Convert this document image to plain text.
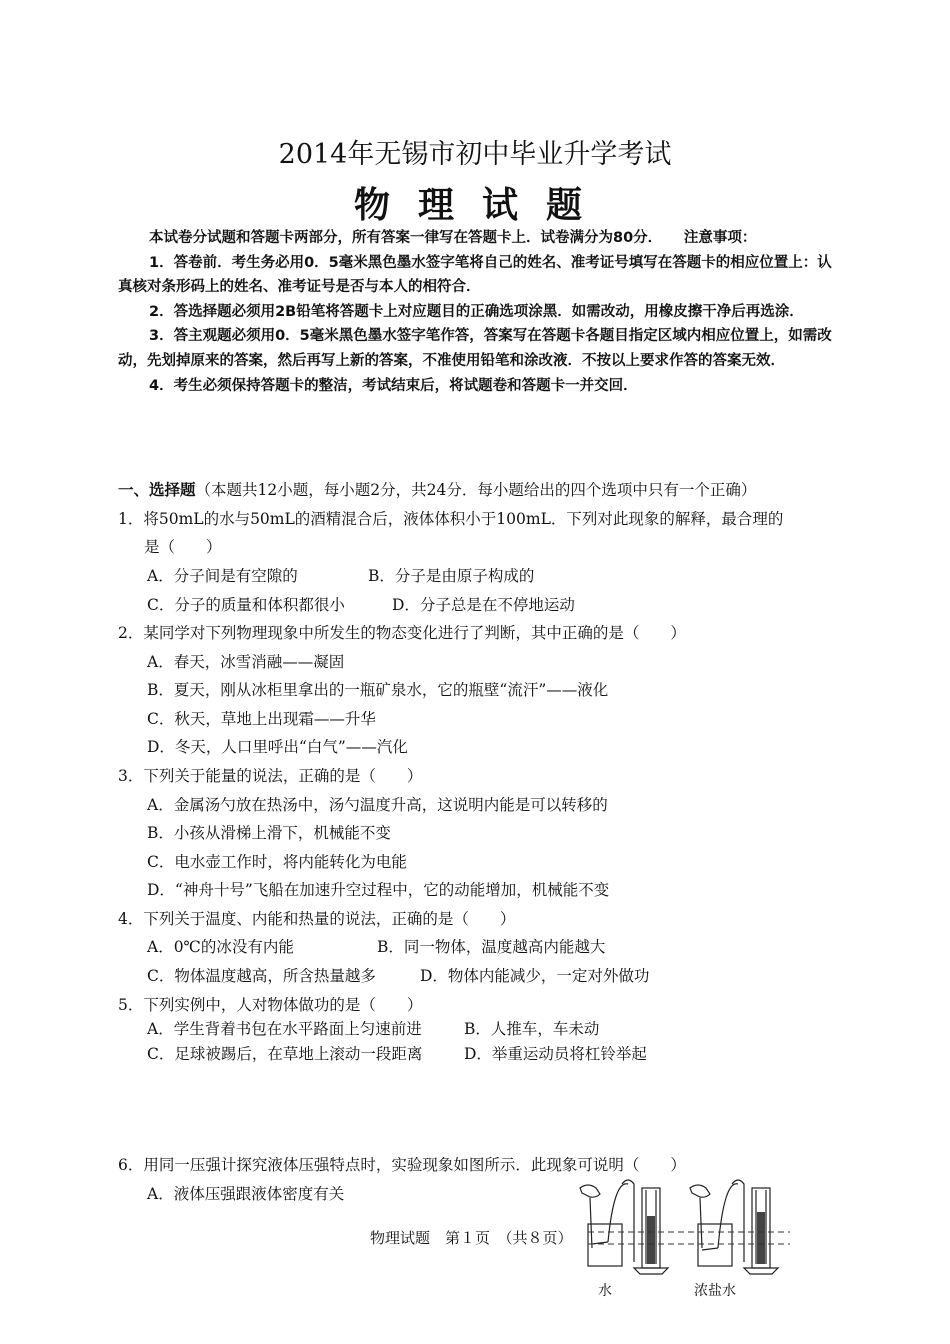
2014年无锡市初中毕业升学考试
物理试题

本试卷分试题和答题卡两部分，所有答案一律写在答题卡上．试卷满分为80分．　　注意事项：

1．答卷前．考生务必用0．5毫米黑色墨水签字笔将自己的姓名、准考证号填写在答题卡的相应位置上：认真核对条形码上的姓名、准考证号是否与本人的相符合．

2．答选择题必须用2B铅笔将答题卡上对应题目的正确选项涂黑．如需改动，用橡皮擦干净后再选涂．

3．答主观题必须用0．5毫米黑色墨水签字笔作答，答案写在答题卡各题目指定区域内相应位置上，如需改动，先划掉原来的答案，然后再写上新的答案，不准使用铅笔和涂改液．不按以上要求作答的答案无效．

4．考生必须保持答题卡的整洁，考试结束后，将试题卷和答题卡一并交回．

一、选择题（本题共12小题，每小题2分，共24分．每小题给出的四个选项中只有一个正确）
1．将50mL的水与50mL的酒精混合后，液体体积小于100mL．下列对此现象的解释，最合理的
是（　　）
A．分子间是有空隙的	B．分子是由原子构成的
C．分子的质量和体积都很小	D．分子总是在不停地运动
2．某同学对下列物理现象中所发生的物态变化进行了判断，其中正确的是（　　）
A．春天，冰雪消融——凝固
B．夏天，刚从冰柜里拿出的一瓶矿泉水，它的瓶壁“流汗”——液化
C．秋天，草地上出现霜——升华
D．冬天，人口里呼出“白气”——汽化
3．下列关于能量的说法，正确的是（　　）
A．金属汤勺放在热汤中，汤勺温度升高，这说明内能是可以转移的
B．小孩从滑梯上滑下，机械能不变
C．电水壶工作时，将内能转化为电能
D．“神舟十号”飞船在加速升空过程中，它的动能增加，机械能不变
4．下列关于温度、内能和热量的说法，正确的是（　　）
A．0℃的冰没有内能	B．同一物体，温度越高内能越大
C．物体温度越高，所含热量越多	D．物体内能减少，一定对外做功
5．下列实例中，人对物体做功的是（　　）
A．学生背着书包在水平路面上匀速前进	B．人推车，车未动
C．足球被踢后，在草地上滚动一段距离	D．举重运动员将杠铃举起
6．用同一压强计探究液体压强特点时，实验现象如图所示．此现象可说明（　　）
A．液体压强跟液体密度有关
水	浓盐水
物理试题　第１页　（共８页）
